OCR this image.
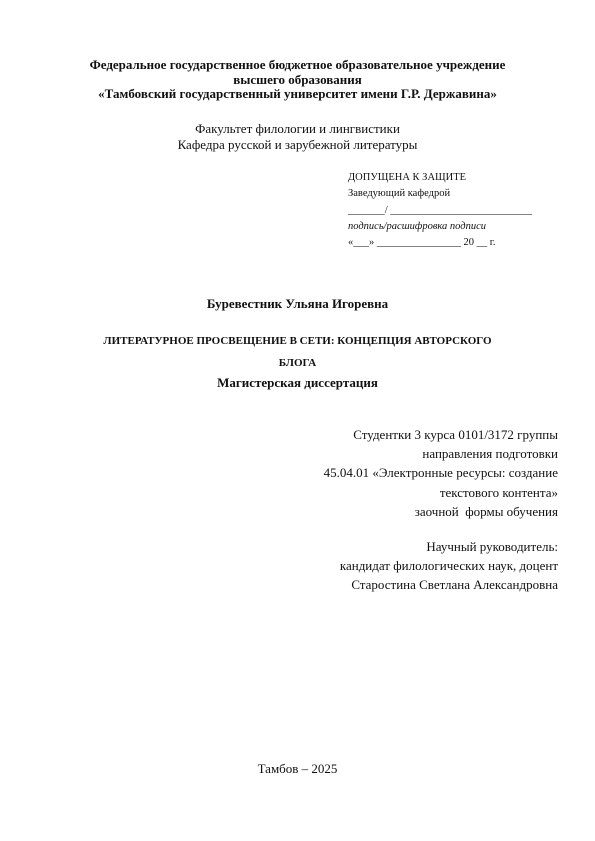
Федеральное государственное бюджетное образовательное учреждение
высшего образования
«Тамбовский государственный университет имени Г.Р. Державина»
Факультет филологии и лингвистики
Кафедра русской и зарубежной литературы
ДОПУЩЕНА К ЗАЩИТЕ
Заведующий кафедрой
_______/ ___________________________
подпись/расшифровка подписи
«___» ________________ 20 __ г.
Буревестник Ульяна Игоревна
ЛИТЕРАТУРНОЕ ПРОСВЕЩЕНИЕ В СЕТИ: КОНЦЕПЦИЯ АВТОРСКОГО
БЛОГА
Магистерская диссертация
Студентки 3 курса 0101/3172 группы
направления подготовки
45.04.01 «Электронные ресурсы: создание
текстового контента»
заочной  формы обучения
Научный руководитель:
кандидат филологических наук, доцент
Старостина Светлана Александровна
Тамбов – 2025
